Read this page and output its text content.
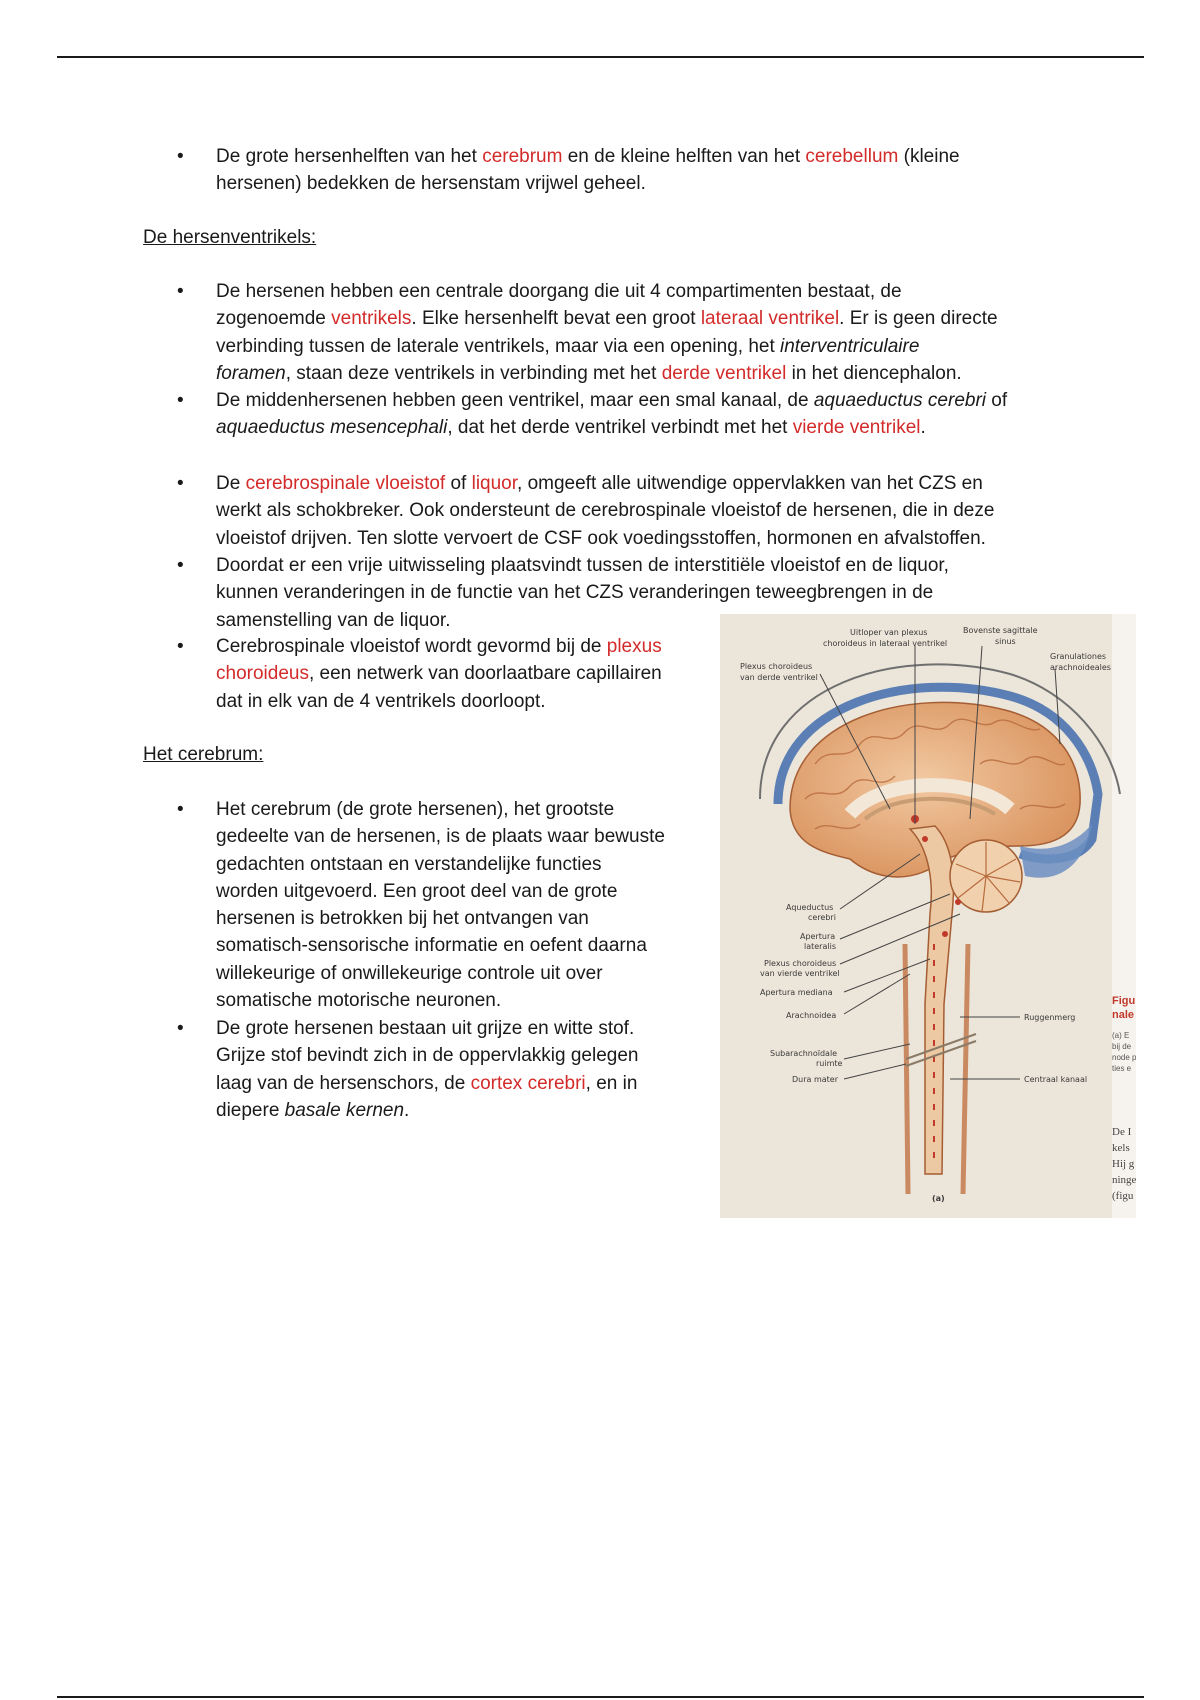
• De grote hersenhelften van het cerebrum en de kleine helften van het cerebellum (kleine
hersenen) bedekken de hersenstam vrijwel geheel.
De hersenventrikels:
• De hersenen hebben een centrale doorgang die uit 4 compartimenten bestaat, de
zogenoemde ventrikels. Elke hersenhelft bevat een groot lateraal ventrikel. Er is geen directe
verbinding tussen de laterale ventrikels, maar via een opening, het interventriculaire
foramen, staan deze ventrikels in verbinding met het derde ventrikel in het diencephalon.
• De middenhersenen hebben geen ventrikel, maar een smal kanaal, de aquaeductus cerebri of
aquaeductus mesencephali, dat het derde ventrikel verbindt met het vierde ventrikel.
• De cerebrospinale vloeistof of liquor, omgeeft alle uitwendige oppervlakken van het CZS en
werkt als schokbreker. Ook ondersteunt de cerebrospinale vloeistof de hersenen, die in deze
vloeistof drijven. Ten slotte vervoert de CSF ook voedingsstoffen, hormonen en afvalstoffen.
• Doordat er een vrije uitwisseling plaatsvindt tussen de interstitiële vloeistof en de liquor,
kunnen veranderingen in de functie van het CZS veranderingen teweegbrengen in de
samenstelling van de liquor.
• Cerebrospinale vloeistof wordt gevormd bij de plexus
choroideus, een netwerk van doorlaatbare capillairen
dat in elk van de 4 ventrikels doorloopt.
Het cerebrum:
• Het cerebrum (de grote hersenen), het grootste
gedeelte van de hersenen, is de plaats waar bewuste
gedachten ontstaan en verstandelijke functies
worden uitgevoerd. Een groot deel van de grote
hersenen is betrokken bij het ontvangen van
somatisch-sensorische informatie en oefent daarna
willekeurige of onwillekeurige controle uit over
somatische motorische neuronen.
• De grote hersenen bestaan uit grijze en witte stof.
Grijze stof bevindt zich in de oppervlakkig gelegen
laag van de hersenschors, de cortex cerebri, en in
diepere basale kernen.
Uitloper van plexus
choroideus in lateraal ventrikel
Bovenste sagittale
sinus
Granulationes
arachnoideales
Plexus choroideus
van derde ventrikel
Aqueductus
cerebri
Apertura
lateralis
Plexus choroideus
van vierde ventrikel
Apertura mediana
Arachnoidea	Ruggenmerg
Subarachnoïdale
ruimte
Dura mater	Centraal kanaal
(a)
Figu
nale
(a) E
bij de
node p
ties e
De I
kels
Hij g
ninge
(figu
